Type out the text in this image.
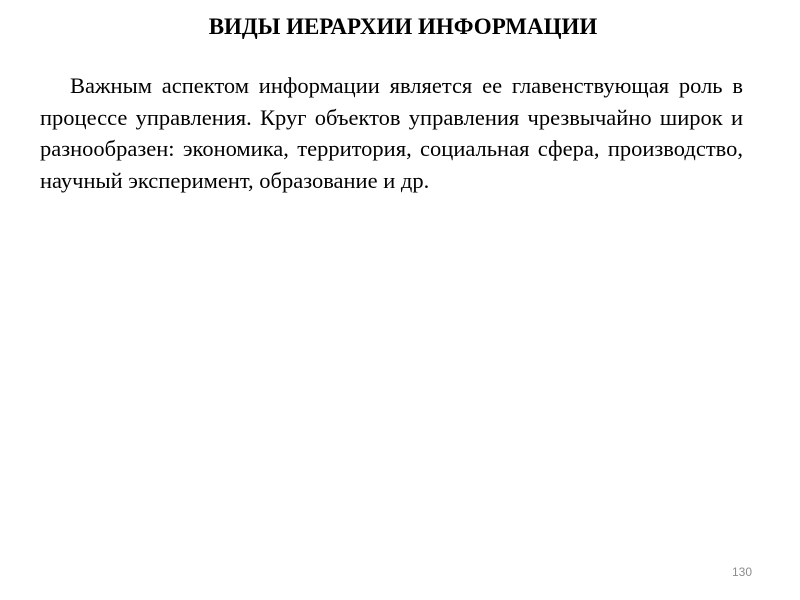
ВИДЫ ИЕРАРХИИ ИНФОРМАЦИИ

Важным аспектом информации является ее главенствующая роль в процессе управления. Круг объектов управления чрезвычайно широк и разнообразен: экономика, территория, социальная сфера, производство, научный эксперимент, образование и др.

130
